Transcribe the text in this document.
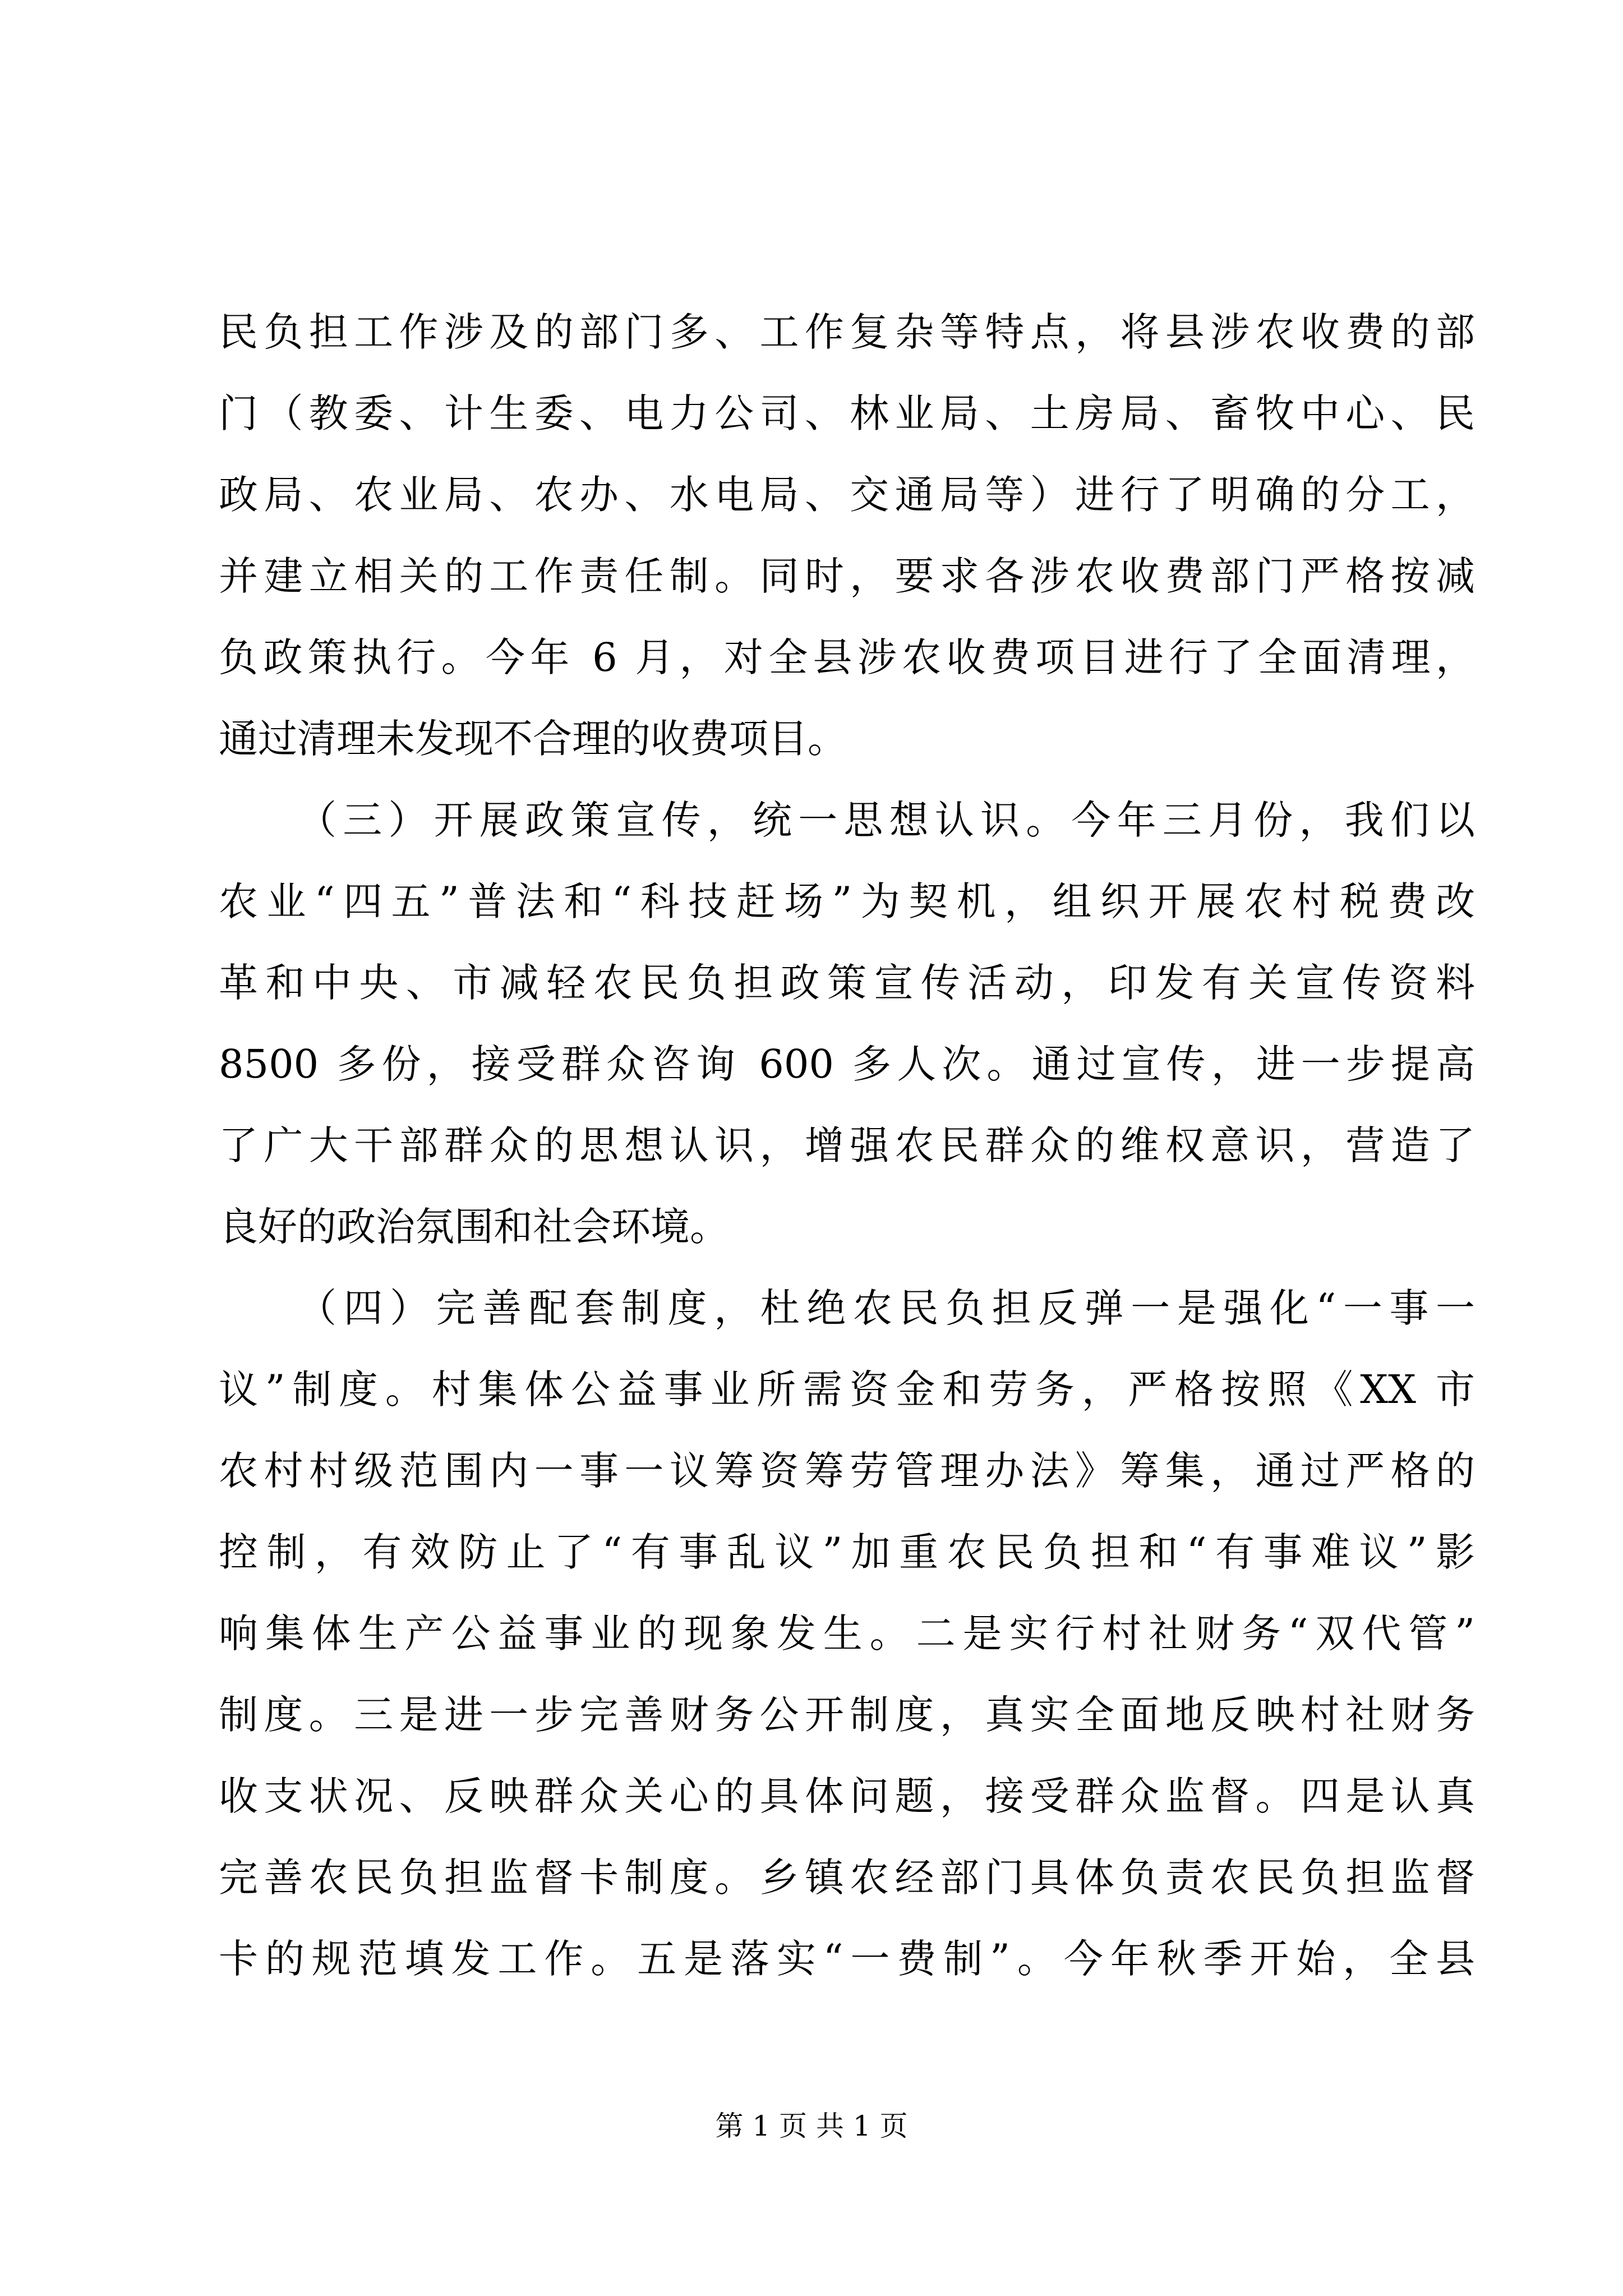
民负担工作涉及的部门多、工作复杂等特点，将县涉农收费的部
门（教委、计生委、电力公司、林业局、土房局、畜牧中心、民
政局、农业局、农办、水电局、交通局等）进行了明确的分工，
并建立相关的工作责任制。同时，要求各涉农收费部门严格按减
负政策执行。今年 6 月，对全县涉农收费项目进行了全面清理，
通过清理未发现不合理的收费项目。
（三）开展政策宣传，统一思想认识。今年三月份，我们以
农业“四五”普法和“科技赶场”为契机，组织开展农村税费改
革和中央、市减轻农民负担政策宣传活动，印发有关宣传资料
8500 多份，接受群众咨询 600 多人次。通过宣传，进一步提高
了广大干部群众的思想认识，增强农民群众的维权意识，营造了
良好的政治氛围和社会环境。
（四）完善配套制度，杜绝农民负担反弹一是强化“一事一
议”制度。村集体公益事业所需资金和劳务，严格按照《XX 市
农村村级范围内一事一议筹资筹劳管理办法》筹集，通过严格的
控制，有效防止了“有事乱议”加重农民负担和“有事难议”影
响集体生产公益事业的现象发生。二是实行村社财务“双代管”
制度。三是进一步完善财务公开制度，真实全面地反映村社财务
收支状况、反映群众关心的具体问题，接受群众监督。四是认真
完善农民负担监督卡制度。乡镇农经部门具体负责农民负担监督
卡的规范填发工作。五是落实“一费制”。今年秋季开始，全县
第 1 页 共 1 页
